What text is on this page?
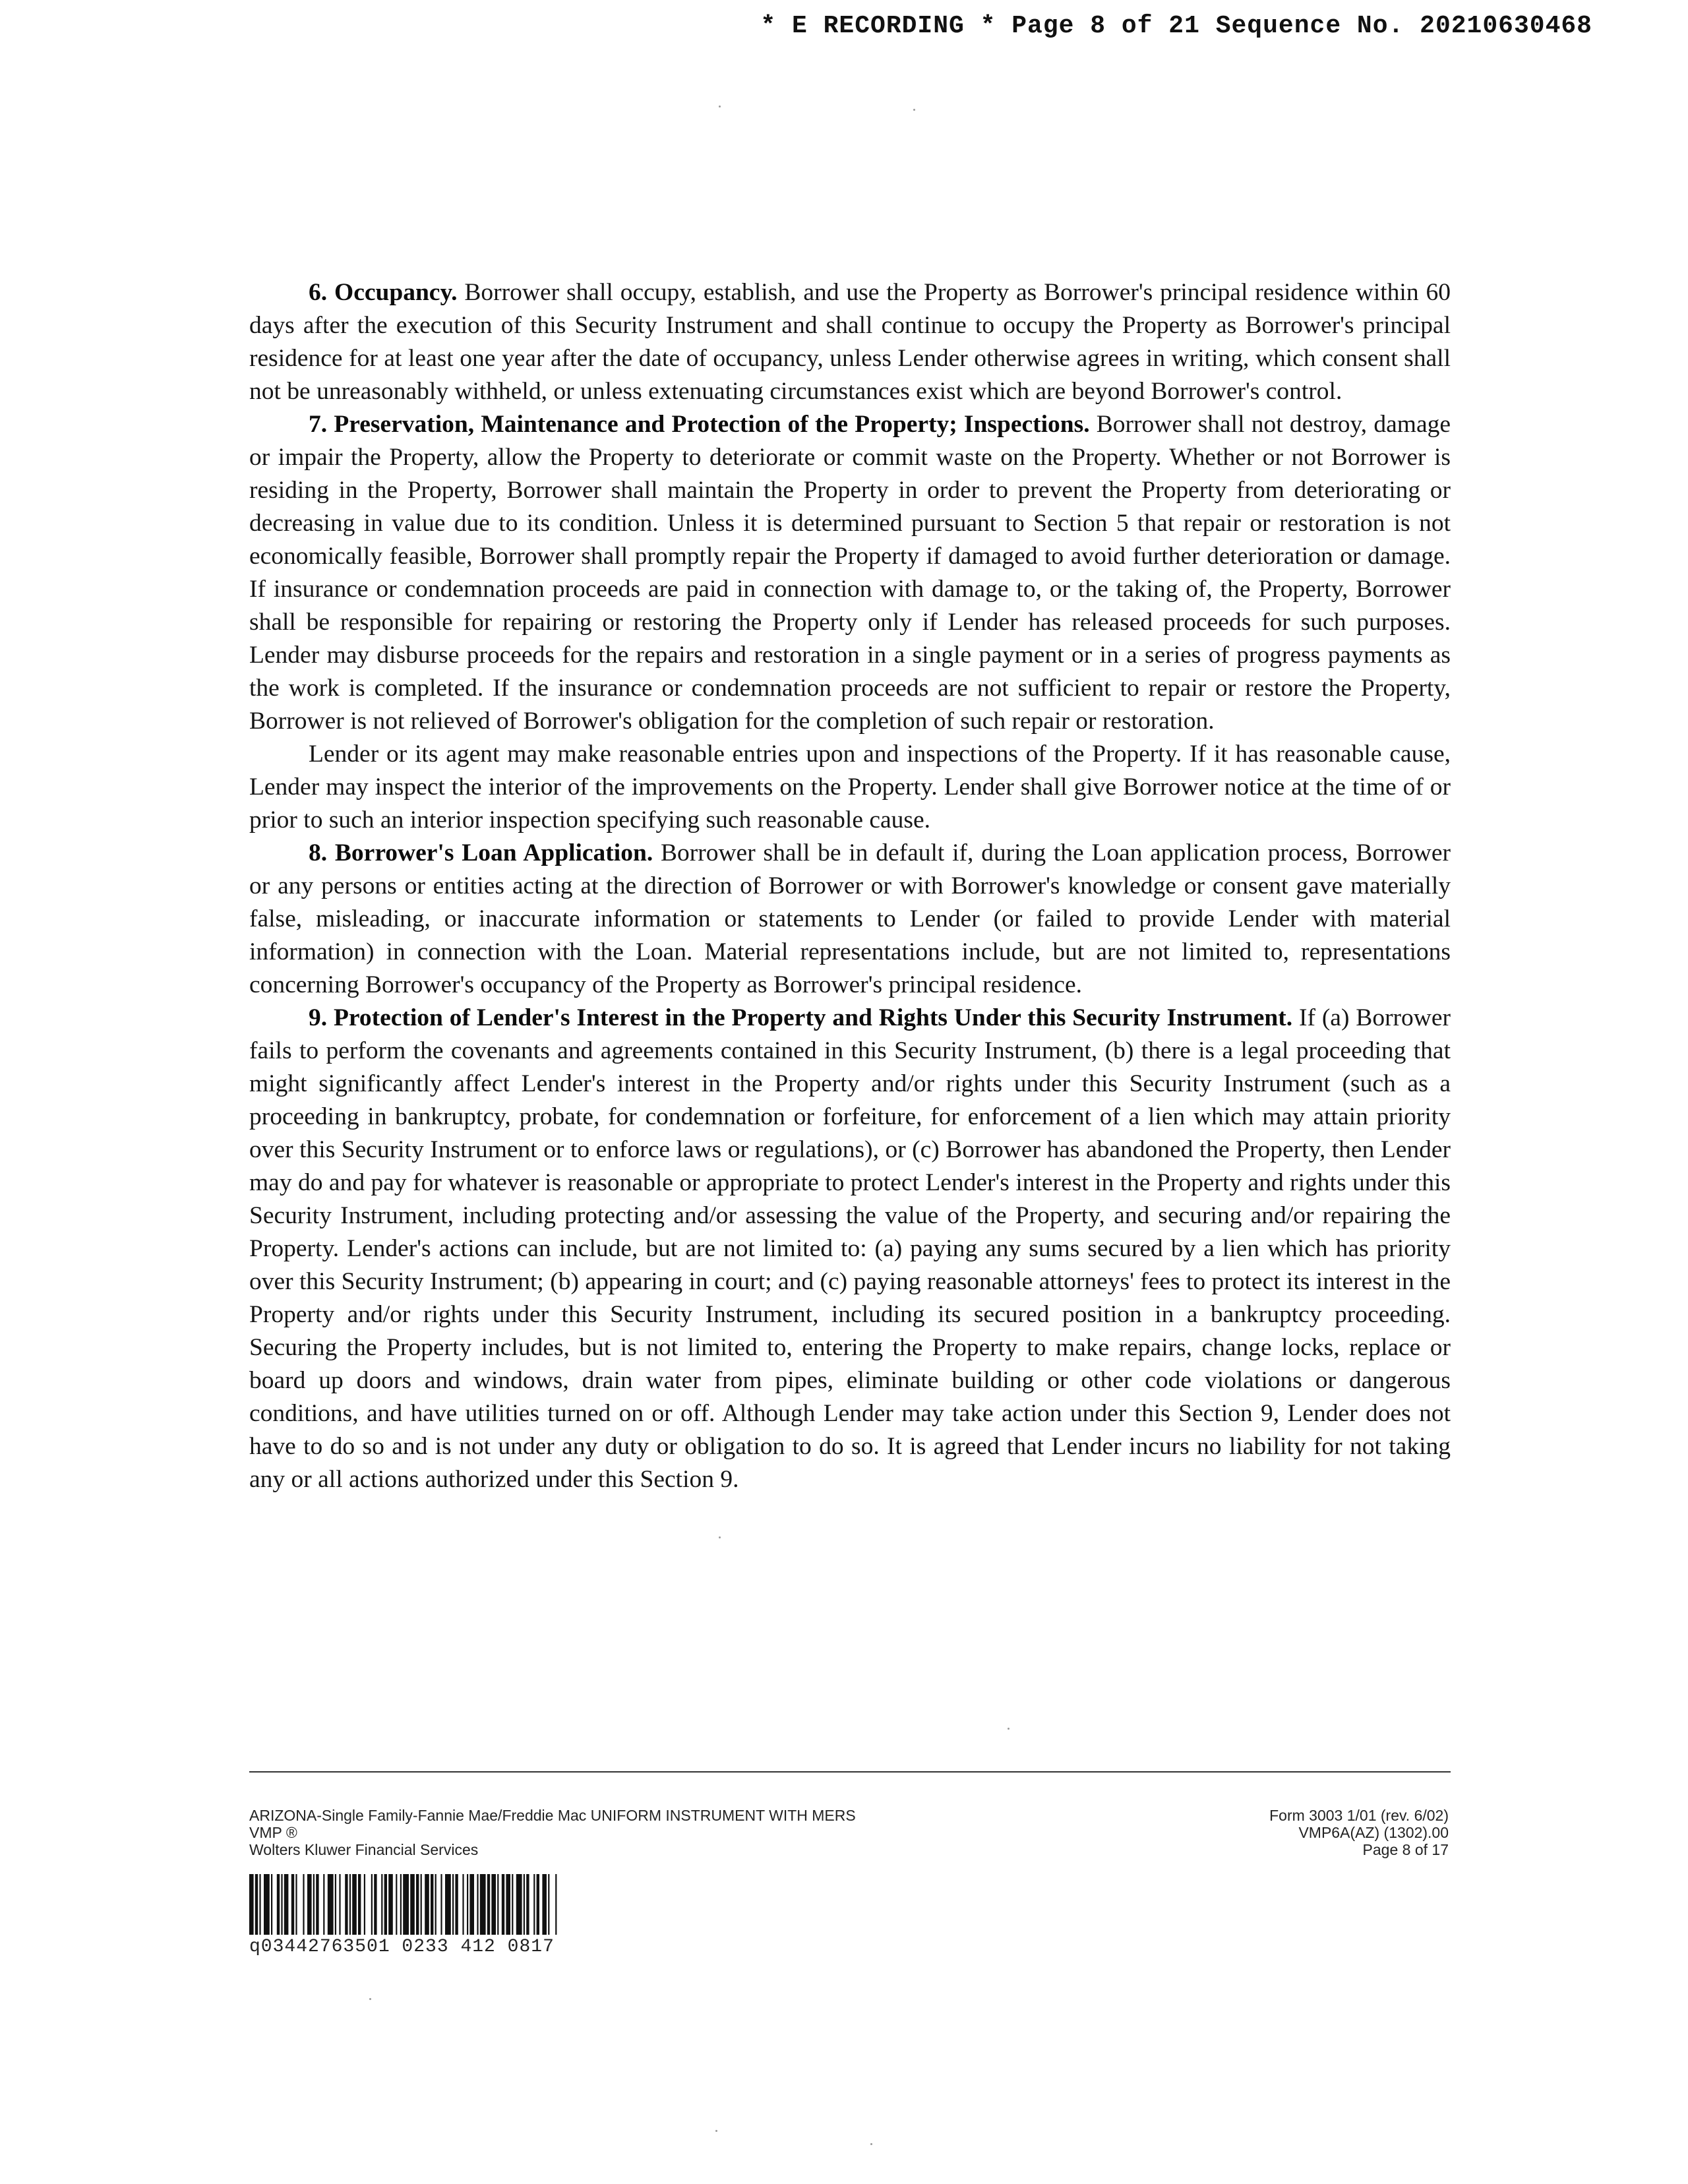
* E RECORDING * Page 8 of 21 Sequence No. 20210630468

6. Occupancy. Borrower shall occupy, establish, and use the Property as Borrower's principal residence within 60 days after the execution of this Security Instrument and shall continue to occupy the Property as Borrower's principal residence for at least one year after the date of occupancy, unless Lender otherwise agrees in writing, which consent shall not be unreasonably withheld, or unless extenuating circumstances exist which are beyond Borrower's control.

7. Preservation, Maintenance and Protection of the Property; Inspections. Borrower shall not destroy, damage or impair the Property, allow the Property to deteriorate or commit waste on the Property. Whether or not Borrower is residing in the Property, Borrower shall maintain the Property in order to prevent the Property from deteriorating or decreasing in value due to its condition. Unless it is determined pursuant to Section 5 that repair or restoration is not economically feasible, Borrower shall promptly repair the Property if damaged to avoid further deterioration or damage. If insurance or condemnation proceeds are paid in connection with damage to, or the taking of, the Property, Borrower shall be responsible for repairing or restoring the Property only if Lender has released proceeds for such purposes. Lender may disburse proceeds for the repairs and restoration in a single payment or in a series of progress payments as the work is completed. If the insurance or condemnation proceeds are not sufficient to repair or restore the Property, Borrower is not relieved of Borrower's obligation for the completion of such repair or restoration.

Lender or its agent may make reasonable entries upon and inspections of the Property. If it has reasonable cause, Lender may inspect the interior of the improvements on the Property. Lender shall give Borrower notice at the time of or prior to such an interior inspection specifying such reasonable cause.

8. Borrower's Loan Application. Borrower shall be in default if, during the Loan application process, Borrower or any persons or entities acting at the direction of Borrower or with Borrower's knowledge or consent gave materially false, misleading, or inaccurate information or statements to Lender (or failed to provide Lender with material information) in connection with the Loan. Material representations include, but are not limited to, representations concerning Borrower's occupancy of the Property as Borrower's principal residence.

9. Protection of Lender's Interest in the Property and Rights Under this Security Instrument. If (a) Borrower fails to perform the covenants and agreements contained in this Security Instrument, (b) there is a legal proceeding that might significantly affect Lender's interest in the Property and/or rights under this Security Instrument (such as a proceeding in bankruptcy, probate, for condemnation or forfeiture, for enforcement of a lien which may attain priority over this Security Instrument or to enforce laws or regulations), or (c) Borrower has abandoned the Property, then Lender may do and pay for whatever is reasonable or appropriate to protect Lender's interest in the Property and rights under this Security Instrument, including protecting and/or assessing the value of the Property, and securing and/or repairing the Property. Lender's actions can include, but are not limited to: (a) paying any sums secured by a lien which has priority over this Security Instrument; (b) appearing in court; and (c) paying reasonable attorneys' fees to protect its interest in the Property and/or rights under this Security Instrument, including its secured position in a bankruptcy proceeding. Securing the Property includes, but is not limited to, entering the Property to make repairs, change locks, replace or board up doors and windows, drain water from pipes, eliminate building or other code violations or dangerous conditions, and have utilities turned on or off. Although Lender may take action under this Section 9, Lender does not have to do so and is not under any duty or obligation to do so. It is agreed that Lender incurs no liability for not taking any or all actions authorized under this Section 9.

ARIZONA-Single Family-Fannie Mae/Freddie Mac UNIFORM INSTRUMENT WITH MERS
VMP ®
Wolters Kluwer Financial Services
Form 3003 1/01 (rev. 6/02)
VMP6A(AZ) (1302).00
Page 8 of 17
q03442763501 0233 412 0817
